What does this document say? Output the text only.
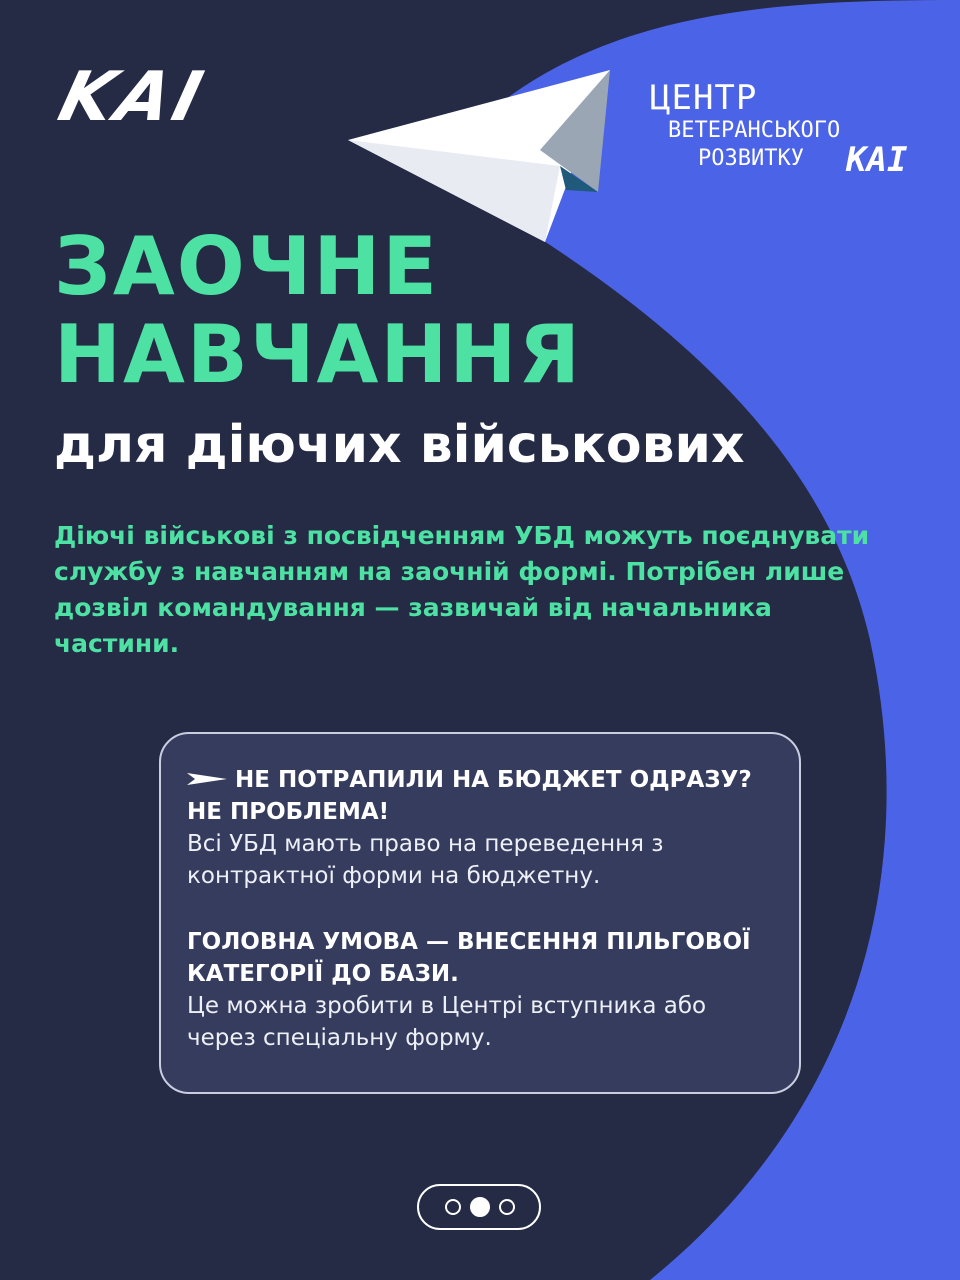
KAI	ЦЕНТР
ВЕТЕРАНСЬКОГО
РОЗВИТКУ KAI
ЗАОЧНЕ
НАВЧАННЯ
для діючих військових
Діючі військові з посвідченням УБД можуть поєднувати службу з навчанням на заочній формі. Потрібен лише дозвіл командування — зазвичай від начальника частини.
НЕ ПОТРАПИЛИ НА БЮДЖЕТ ОДРАЗУ? НЕ ПРОБЛЕМА!
Всі УБД мають право на переведення з контрактної форми на бюджетну.
ГОЛОВНА УМОВА — ВНЕСЕННЯ ПІЛЬГОВОЇ КАТЕГОРІЇ ДО БАЗИ.
Це можна зробити в Центрі вступника або через спеціальну форму.
